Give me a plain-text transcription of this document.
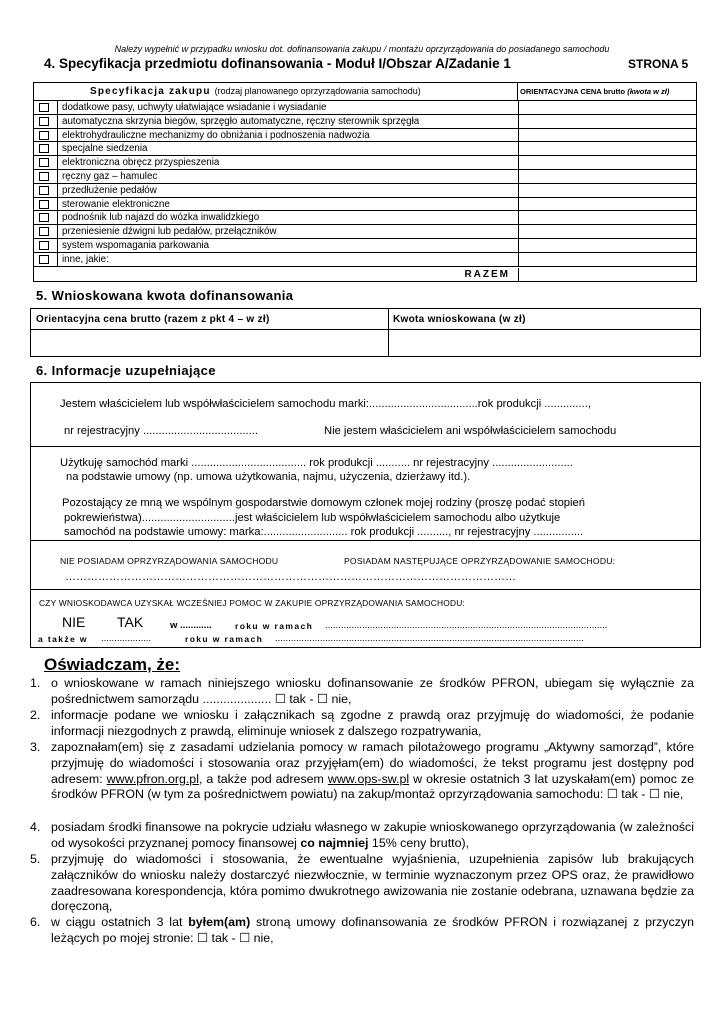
Należy wypełnić w przypadku wniosku dot. dofinansowania zakupu / montażu oprzyrządowania do posiadanego samochodu
4. Specyfikacja przedmiotu dofinansowania - Moduł I/Obszar A/Zadanie 1	STRONA 5
Specyfikacja zakupu (rodzaj planowanego oprzyrządowania samochodu)	ORIENTACYJNA CENA brutto (kwota w zł)
dodatkowe pasy, uchwyty ułatwiające wsiadanie i wysiadanie
automatyczna skrzynia biegów, sprzęgło automatyczne, ręczny sterownik sprzęgła
elektrohydrauliczne mechanizmy do obniżania i podnoszenia nadwozia
specjalne siedzenia
elektroniczna obręcz przyspieszenia
ręczny gaz – hamulec
przedłużenie pedałów
sterowanie elektroniczne
podnośnik lub najazd do wózka inwalidzkiego
przeniesienie dźwigni lub pedałów, przełączników
system wspomagania parkowania
inne, jakie:
RAZEM
5. Wnioskowana kwota dofinansowania
Orientacyjna cena brutto (razem z pkt 4 – w zł)	Kwota wnioskowana (w zł)
6. Informacje uzupełniające
Jestem właścicielem lub współwłaścicielem samochodu marki:...................................rok produkcji ..............,
nr rejestracyjny .....................................	Nie jestem właścicielem ani współwłaścicielem samochodu
Użytkuję samochód marki ..................................... rok produkcji ........... nr rejestracyjny ..........................
na podstawie umowy (np. umowa użytkowania, najmu, użyczenia, dzierżawy itd.).
Pozostający ze mną we wspólnym gospodarstwie domowym członek mojej rodziny (proszę podać stopień
pokrewieństwa)..............................jest właścicielem lub współwłaścicielem samochodu albo użytkuje
samochód na podstawie umowy: marka:........................... rok produkcji .........., nr rejestracyjny ................
NIE POSIADAM OPRZYRZĄDOWANIA SAMOCHODU	POSIADAM NASTĘPUJĄCE OPRZYRZĄDOWANIE SAMOCHODU:
……………………………………………………………………………………………………………
CZY WNIOSKODAWCA UZYSKAŁ WCZEŚNIEJ POMOC W ZAKUPIE OPRZYRZĄDOWANIA SAMOCHODU:
NIE TAK	w ............	roku w ramach ...........................................................................................................
a także w ...................	roku w ramach .....................................................................................................................
Oświadczam, że:
1. o wnioskowane w ramach niniejszego wniosku dofinansowanie ze środków PFRON, ubiegam się wyłącznie za pośrednictwem samorządu .................... ☐ tak - ☐ nie,
2. informacje podane we wniosku i załącznikach są zgodne z prawdą oraz przyjmuję do wiadomości, że podanie informacji niezgodnych z prawdą, eliminuje wniosek z dalszego rozpatrywania,
3. zapoznałam(em) się z zasadami udzielania pomocy w ramach pilotażowego programu „Aktywny samorząd”, które przyjmuję do wiadomości i stosowania oraz przyjęłam(em) do wiadomości, że tekst programu jest dostępny pod adresem: www.pfron.org.pl, a także pod adresem www.ops-sw.pl w okresie ostatnich 3 lat uzyskałam(em) pomoc ze środków PFRON (w tym za pośrednictwem powiatu) na zakup/montaż oprzyrządowania samochodu: ☐ tak - ☐ nie,
4. posiadam środki finansowe na pokrycie udziału własnego w zakupie wnioskowanego oprzyrządowania (w zależności od wysokości przyznanej pomocy finansowej co najmniej 15% ceny brutto),
5. przyjmuję do wiadomości i stosowania, że ewentualne wyjaśnienia, uzupełnienia zapisów lub brakujących załączników do wniosku należy dostarczyć niezwłocznie, w terminie wyznaczonym przez OPS oraz, że prawidłowo zaadresowana korespondencja, która pomimo dwukrotnego awizowania nie zostanie odebrana, uznawana będzie za doręczoną,
6. w ciągu ostatnich 3 lat byłem(am) stroną umowy dofinansowania ze środków PFRON i rozwiązanej z przyczyn leżących po mojej stronie: ☐ tak - ☐ nie,
